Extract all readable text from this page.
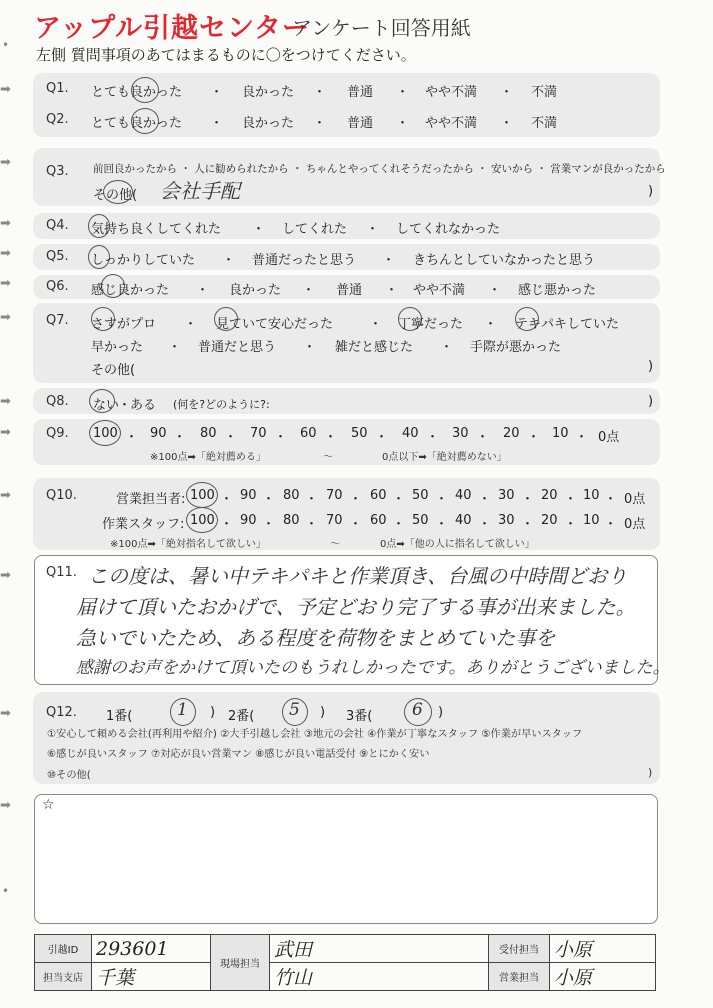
アップル引越センター
アンケート回答用紙
左側 質問事項のあてはまるものに〇をつけてください。
➡
➡
➡
➡
➡
➡
➡
➡
➡
➡
➡
➡
•
•
Q1. とても良かった ・ 良かった ・ 普通 ・ やや不満 ・ 不満
Q2. とても良かった ・ 良かった ・ 普通 ・ やや不満 ・ 不満
Q3. 前回良かったから ・ 人に勧められたから ・ ちゃんとやってくれそうだったから ・ 安いから ・ 営業マンが良かったから
その他( 会社手配	)
Q4. 気持ち良くしてくれた ・ してくれた ・ してくれなかった
Q5. しっかりしていた ・ 普通だったと思う ・ きちんとしていなかったと思う
Q6. 感じ良かった ・ 良かった ・ 普通 ・ やや不満 ・ 感じ悪かった
Q7. さすがプロ ・ 見ていて安心だった	・ 丁寧だった ・ テキパキしていた
早かった ・ 普通だと思う ・ 雑だと感じた ・ 手際が悪かった
その他(	)
Q8. ない
・
ある (何を?どのように?:	)
Q9. 100 ・ 90 ・ 80 ・ 70 ・ 60 ・ 50 ・ 40 ・ 30 ・ 20 ・ 10 ・ 0点
※100点➡「絶対薦める」	〜	0点以下➡「絶対薦めない」
Q10.	営業担当者: 100 ・ 90 ・ 80 ・ 70 ・ 60 ・ 50 ・ 40 ・ 30 ・ 20 ・ 10 ・ 0点
作業スタッフ: 100 ・ 90 ・ 80 ・ 70 ・ 60 ・ 50 ・ 40 ・ 30 ・ 20 ・ 10 ・ 0点
※100点➡「絶対指名して欲しい」	〜	0点➡「他の人に指名して欲しい」
Q11. この度は、暑い中テキパキと作業頂き、台風の中時間どおり
届けて頂いたおかげで、予定どおり完了する事が出来ました。
急いでいたため、ある程度を荷物をまとめていた事を
感謝のお声をかけて頂いたのもうれしかったです。ありがとうございました。
Q12. 1番(	1 ) 2番( 5 ) 3番( 6 )
①安心して頼める会社(再利用や紹介) ②大手引越し会社 ③地元の会社 ④作業が丁寧なスタッフ ⑤作業が早いスタッフ
⑥感じが良いスタッフ ⑦対応が良い営業マン ⑧感じが良い電話受付 ⑨とにかく安い
⑩その他(	)
☆
引越ID	293601	現場担当	武田	受付担当	小原
担当支店	千葉		竹山	営業担当	小原
